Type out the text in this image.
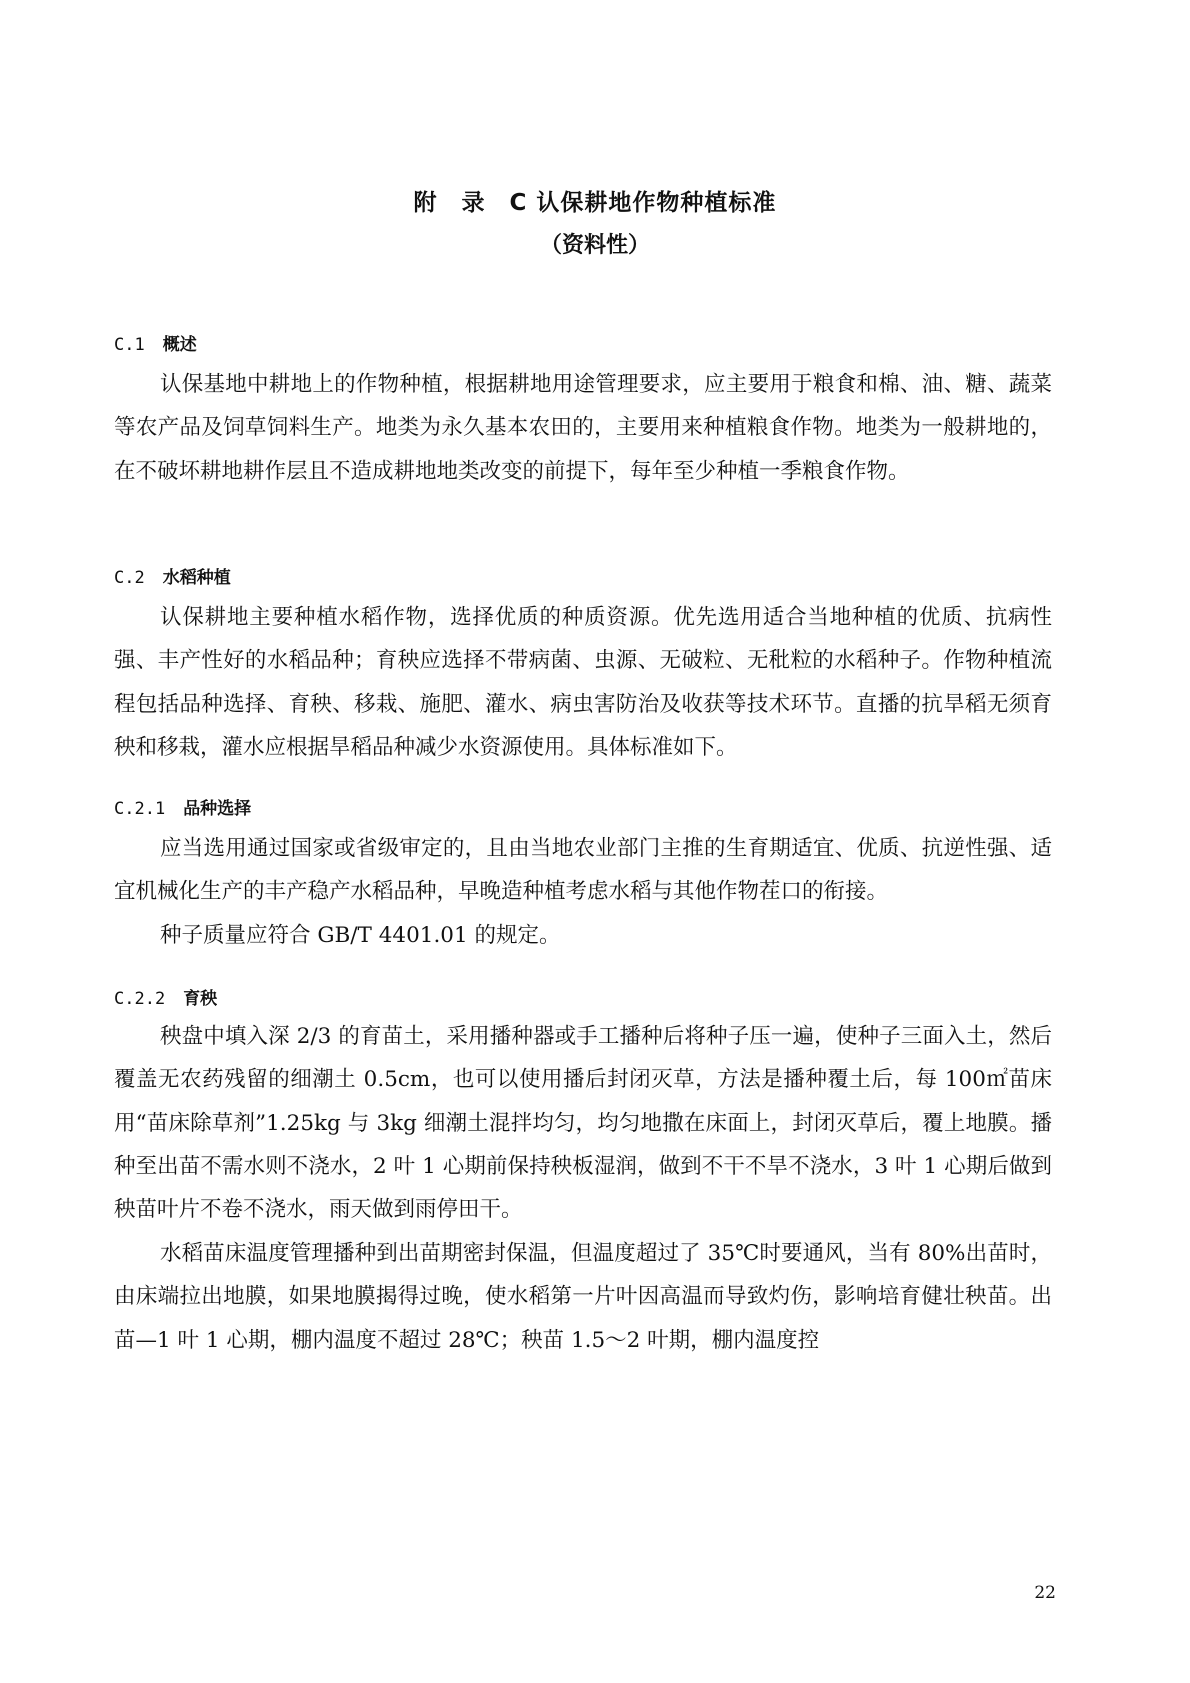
附　录　C 认保耕地作物种植标准
（资料性）
C.1 概述

认保基地中耕地上的作物种植，根据耕地用途管理要求，应主要用于粮食和棉、油、糖、蔬菜等农产品及饲草饲料生产。地类为永久基本农田的，主要用来种植粮食作物。地类为一般耕地的，在不破坏耕地耕作层且不造成耕地地类改变的前提下，每年至少种植一季粮食作物。

C.2 水稻种植

认保耕地主要种植水稻作物，选择优质的种质资源。优先选用适合当地种植的优质、抗病性强、丰产性好的水稻品种；育秧应选择不带病菌、虫源、无破粒、无秕粒的水稻种子。作物种植流程包括品种选择、育秧、移栽、施肥、灌水、病虫害防治及收获等技术环节。直播的抗旱稻无须育秧和移栽，灌水应根据旱稻品种减少水资源使用。具体标准如下。

C.2.1 品种选择

应当选用通过国家或省级审定的，且由当地农业部门主推的生育期适宜、优质、抗逆性强、适宜机械化生产的丰产稳产水稻品种，早晚造种植考虑水稻与其他作物茬口的衔接。

种子质量应符合 GB/T 4401.01 的规定。

C.2.2 育秧

秧盘中填入深 2/3 的育苗土，采用播种器或手工播种后将种子压一遍，使种子三面入土，然后覆盖无农药残留的细潮土 0.5cm，也可以使用播后封闭灭草，方法是播种覆土后，每 100㎡苗床用“苗床除草剂”1.25kg 与 3kg 细潮土混拌均匀，均匀地撒在床面上，封闭灭草后，覆上地膜。播种至出苗不需水则不浇水，2 叶 1 心期前保持秧板湿润，做到不干不旱不浇水，3 叶 1 心期后做到秧苗叶片不卷不浇水，雨天做到雨停田干。

水稻苗床温度管理播种到出苗期密封保温，但温度超过了 35℃时要通风，当有 80%出苗时，由床端拉出地膜，如果地膜揭得过晚，使水稻第一片叶因高温而导致灼伤，影响培育健壮秧苗。出苗—1 叶 1 心期，棚内温度不超过 28℃；秧苗 1.5～2 叶期，棚内温度控

22
